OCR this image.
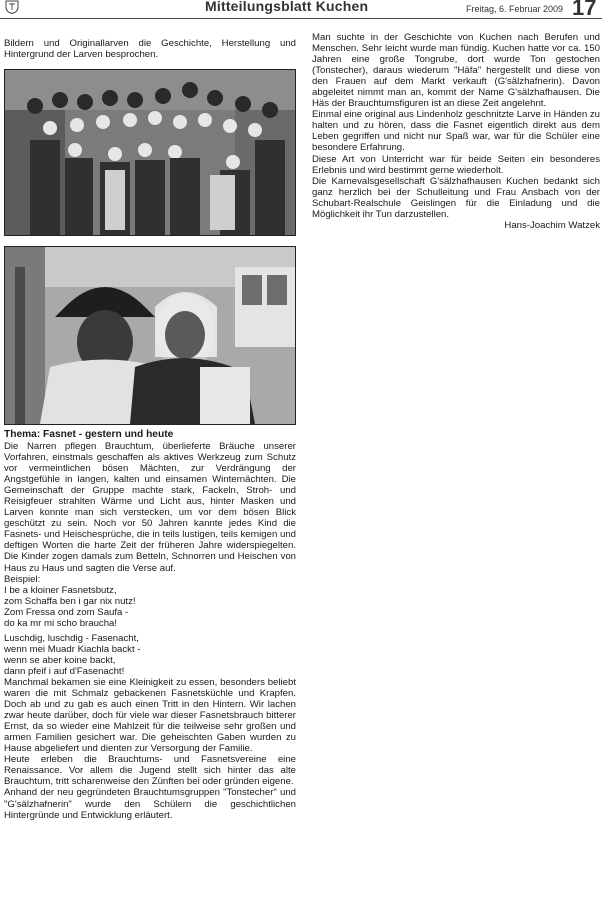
Mitteilungsblatt Kuchen	Freitag, 6. Februar 2009 17
Bildern und Originallarven die Geschichte, Herstellung und Hintergrund der Larven besprochen.

Thema: Fasnet - gestern und heute

Die Narren pflegen Brauchtum, überlieferte Bräuche unserer Vorfahren, einstmals geschaffen als aktives Werkzeug zum Schutz vor vermeintlichen bösen Mächten, zur Verdrängung der Angstgefühle in langen, kalten und einsamen Winternächten. Die Gemeinschaft der Gruppe machte stark, Fackeln, Stroh- und Reisigfeuer strahlten Wärme und Licht aus, hinter Masken und Larven konnte man sich verstecken, um vor dem bösen Blick geschützt zu sein. Noch vor 50 Jahren kannte jedes Kind die Fasnets- und Heischesprüche, die in teils lustigen, teils kernigen und deftigen Worten die harte Zeit der früheren Jahre widerspiegelten. Die Kinder zogen damals zum Betteln, Schnorren und Heischen von Haus zu Haus und sagten die Verse auf.

Beispiel:

I be a kloiner Fasnetsbutz,

zom Schaffa ben i gar nix nutz!

Zom Fressa ond zom Saufa -

do ka mr mi scho braucha!

Luschdig, luschdig - Fasenacht,

wenn mei Muadr Kiachla backt -

wenn se aber koine backt,

dann pfeif i auf d'Fasenacht!

Manchmal bekamen sie eine Kleinigkeit zu essen, besonders beliebt waren die mit Schmalz gebackenen Fasnetsküchle und Krapfen. Doch ab und zu gab es auch einen Tritt in den Hintern. Wir lachen zwar heute darüber, doch für viele war dieser Fasnetsbrauch bitterer Ernst, da so wieder eine Mahlzeit für die teilweise sehr großen und armen Familien gesichert war. Die geheischten Gaben wurden zu Hause abgeliefert und dienten zur Versorgung der Familie.

Heute erleben die Brauchtums- und Fasnetsvereine eine Renaissance. Vor allem die Jugend stellt sich hinter das alte Brauchtum, tritt scharenweise den Zünften bei oder gründen eigene.

Anhand der neu gegründeten Brauchtumsgruppen "Tonstecher" und "G'sälzhafnerin" wurde den Schülern die geschichtlichen Hintergründe und Entwicklung erläutert.

Man suchte in der Geschichte von Kuchen nach Berufen und Menschen. Sehr leicht wurde man fündig. Kuchen hatte vor ca. 150 Jahren eine große Tongrube, dort wurde Ton gestochen (Tonstecher), daraus wiederum "Häfa" hergestellt und diese von den Frauen auf dem Markt verkauft (G'sälzhafnerin). Davon abgeleitet nimmt man an, kommt der Name G'sälzhafhausen. Die Häs der Brauchtumsfiguren ist an diese Zeit angelehnt.

Einmal eine original aus Lindenholz geschnitzte Larve in Händen zu halten und zu hören, dass die Fasnet eigentlich direkt aus dem Leben gegriffen und nicht nur Spaß war, war für die Schüler eine besondere Erfahrung.

Diese Art von Unterricht war für beide Seiten ein besonderes Erlebnis und wird bestimmt gerne wiederholt.

Die Karnevalsgesellschaft G'sälzhafhausen Kuchen bedankt sich ganz herzlich bei der Schulleitung und Frau Ansbach von der Schubart-Realschule Geislingen für die Einladung und die Möglichkeit ihr Tun darzustellen.

Hans-Joachim Watzek
